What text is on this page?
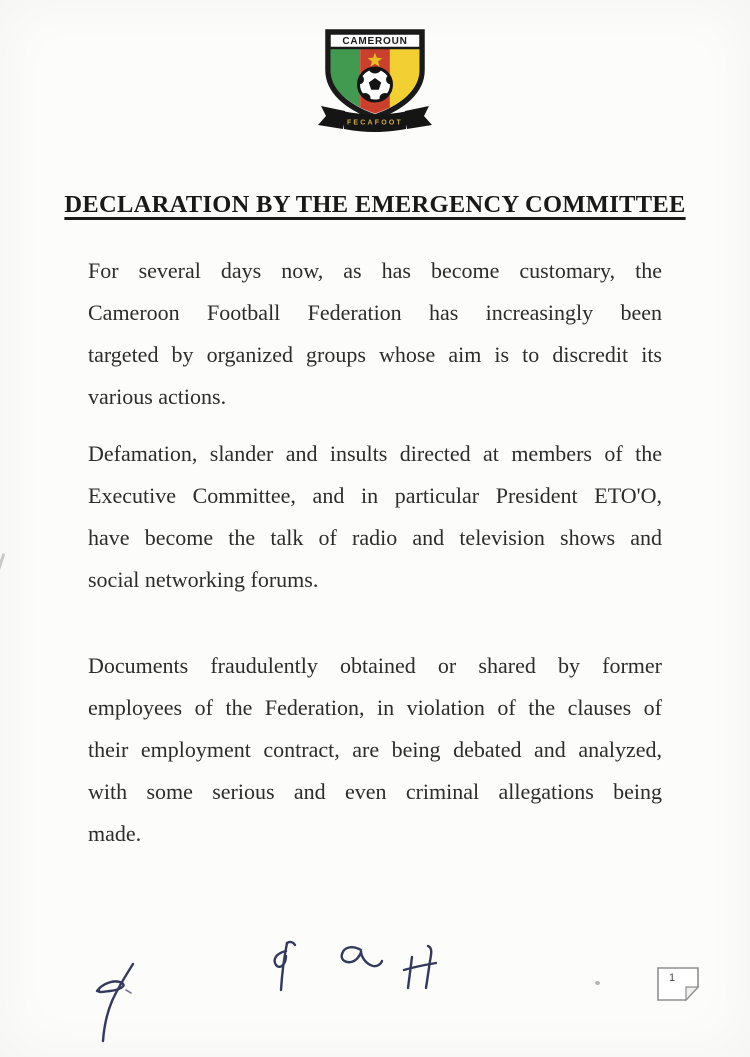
CAMEROUN
FECAFOOT
DECLARATION BY THE EMERGENCY COMMITTEE
For several days now, as has become customary, the
Cameroon Football Federation has increasingly been
targeted by organized groups whose aim is to discredit its
various actions.
Defamation, slander and insults directed at members of the
Executive Committee, and in particular President ETO'O,
have become the talk of radio and television shows and
social networking forums.
Documents fraudulently obtained or shared by former
employees of the Federation, in violation of the clauses of
their employment contract, are being debated and analyzed,
with some serious and even criminal allegations being
made.
1
